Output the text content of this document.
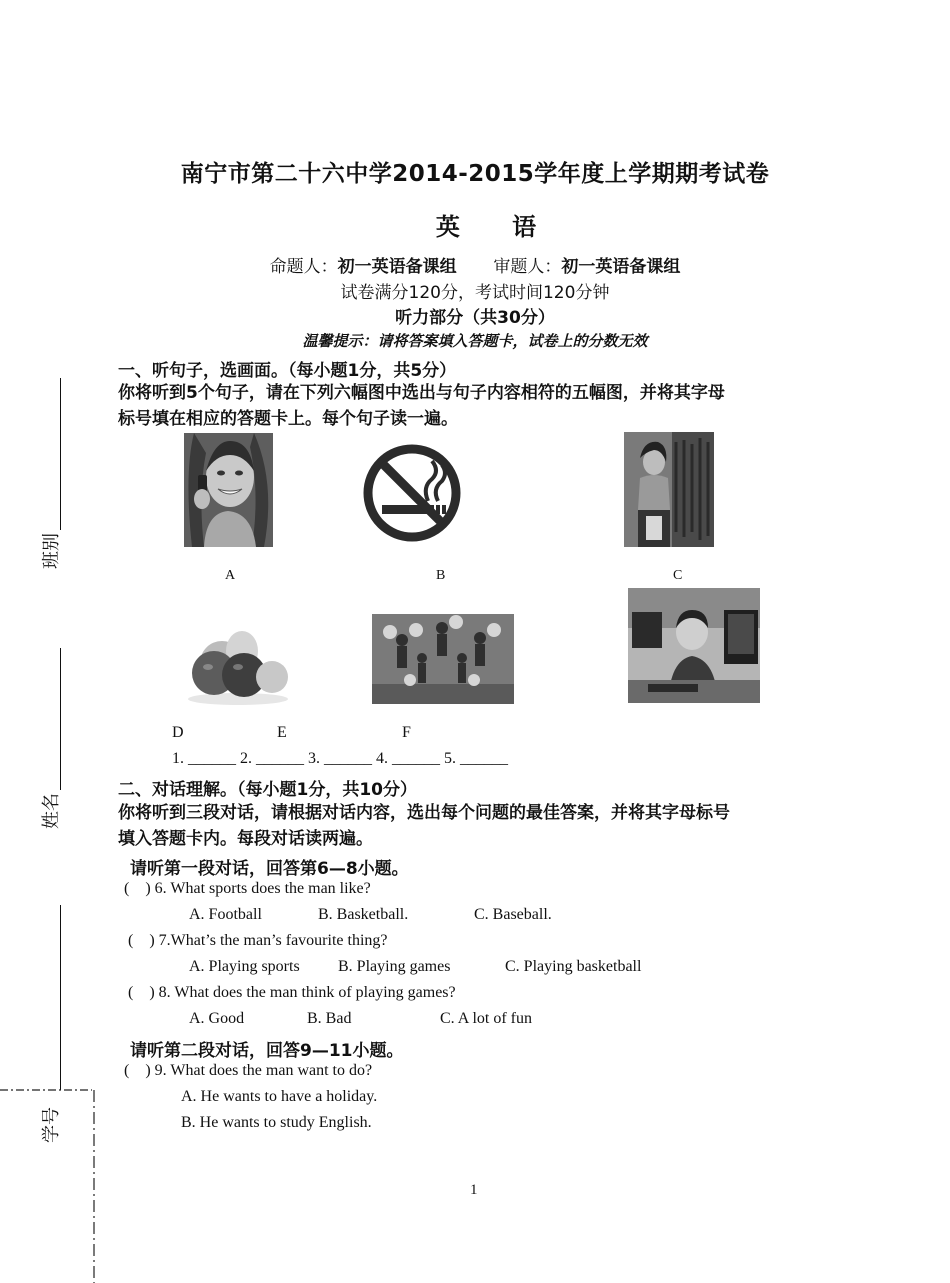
南宁市第二十六中学2014-2015学年度上学期期考试卷
英 语
命题人：初一英语备课组 审题人：初一英语备课组
试卷满分120分，考试时间120分钟
听力部分（共30分）
温馨提示：请将答案填入答题卡，试卷上的分数无效
一、听句子，选画面。（每小题1分，共5分）
你将听到5个句子，请在下列六幅图中选出与句子内容相符的五幅图，并将其字母
标号填在相应的答题卡上。每个句子读一遍。
A	B	C
D	E	F
1. ______ 2. ______ 3. ______ 4. ______ 5. ______
二、对话理解。（每小题1分，共10分）
你将听到三段对话，请根据对话内容，选出每个问题的最佳答案，并将其字母标号
填入答题卡内。每段对话读两遍。
请听第一段对话，回答第6—8小题。
(    ) 6. What sports does the man like?
A. Football	B. Basketball.	C. Baseball.
(    ) 7.What’s the man’s favourite thing?
A. Playing sports B. Playing games	C. Playing basketball
(    ) 8. What does the man think of playing games?
A. Good	B. Bad	C. A lot of fun
请听第二段对话，回答9—11小题。
(    ) 9. What does the man want to do?
A. He wants to have a holiday.
B. He wants to study English.
1
班别
姓名
学号
